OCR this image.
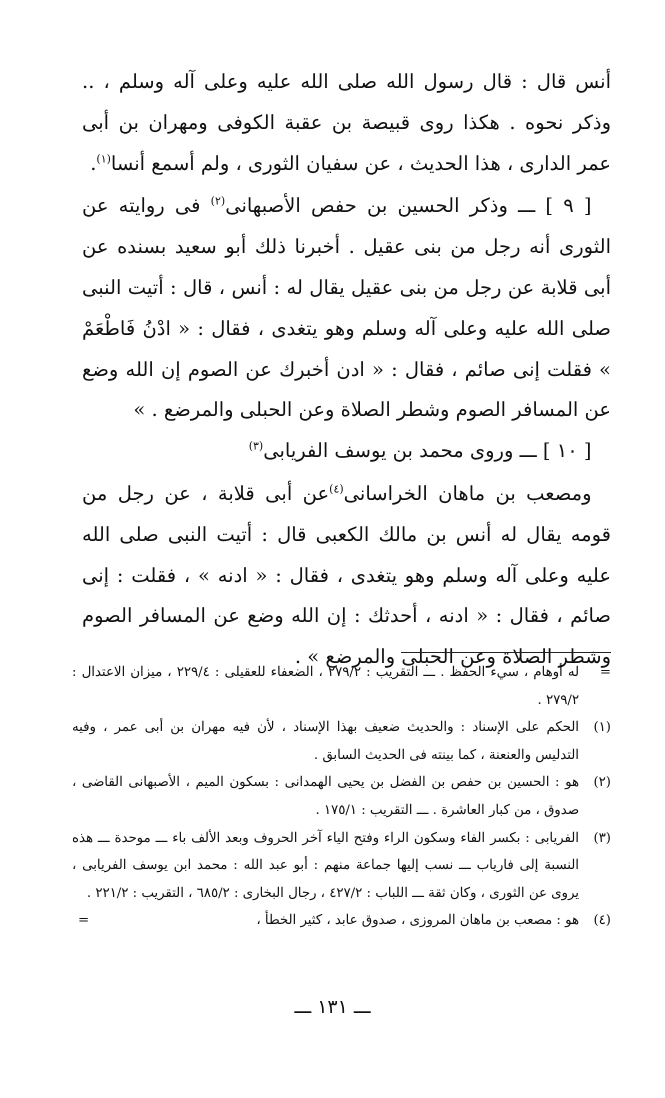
أنس قال : قال رسول الله صلى الله عليه وعلى آله وسلم ، .. وذكر نحوه . هكذا روى قبيصة بن عقبة الكوفى ومهران بن أبى عمر الدارى ، هذا الحديث ، عن سفيان الثورى ، ولم أسمع أنسا$^{(١)}$.

 [ ٩ ] ـــ وذكر الحسين بن حفص الأصبهانى$^{(٢)}$ فى روايته عن الثورى أنه رجل من بنى عقيل . أخبرنا ذلك أبو سعيد بسنده عن أبى قلابة عن رجل من بنى عقيل يقال له : أنس ، قال : أتيت النبى صلى الله عليه وعلى آله وسلم وهو يتغدى ، فقال : « ادْنُ فَاطْعَمْ » فقلت إنى صائم ، فقال : « ادن أخبرك عن الصوم إن الله وضع عن المسافر الصوم وشطر الصلاة وعن الحبلى والمرضع . »

 [ ١٠ ] ـــ وروى محمد بن يوسف الفريابى$^{(٣)}$

 ومصعب بن ماهان الخراسانى$^{(٤)}$عن أبى قلابة ، عن رجل من قومه يقال له أنس بن مالك الكعبى قال : أتيت النبى صلى الله عليه وعلى آله وسلم وهو يتغدى ، فقال : « ادنه » ، فقلت : إنى صائم ، فقال : « ادنه ، أحدثك : إن الله وضع عن المسافر الصوم وشطر الصلاة وعن الحبلى والمرضع » .

=
له أوهام ، سيء الحفظ . ـــ التقريب : ٢٧٩/٢ ، الضعفاء للعقيلى : ٢٢٩/٤ ، ميزان الاعتدال : ٢٧٩/٢ .
(١)
الحكم على الإسناد : والحديث ضعيف بهذا الإسناد ، لأن فيه مهران بن أبى عمر ، وفيه التدليس والعنعنة ، كما بينته فى الحديث السابق .
(٢)
هو : الحسين بن حفص بن الفضل بن يحيى الهمدانى : بسكون الميم ، الأصبهانى القاضى ، صدوق ، من كبار العاشرة . ـــ التقريب : ١٧٥/١ .
(٣)
الفريابى : بكسر الفاء وسكون الراء وفتح الياء آخر الحروف وبعد الألف باء ـــ موحدة ـــ هذه النسبة إلى فارياب ـــ نسب إليها جماعة منهم : أبو عبد الله : محمد ابن يوسف الفريابى ، يروى عن الثورى ، وكان ثقة ـــ اللباب : ٤٢٧/٢ ، رجال البخارى : ٦٨٥/٢ ، التقريب : ٢٢١/٢ .
(٤)
هو : مصعب بن ماهان المروزى ، صدوق عابد ، كثير الخطأ ،
=
ـــ ١٣١ ـــ
